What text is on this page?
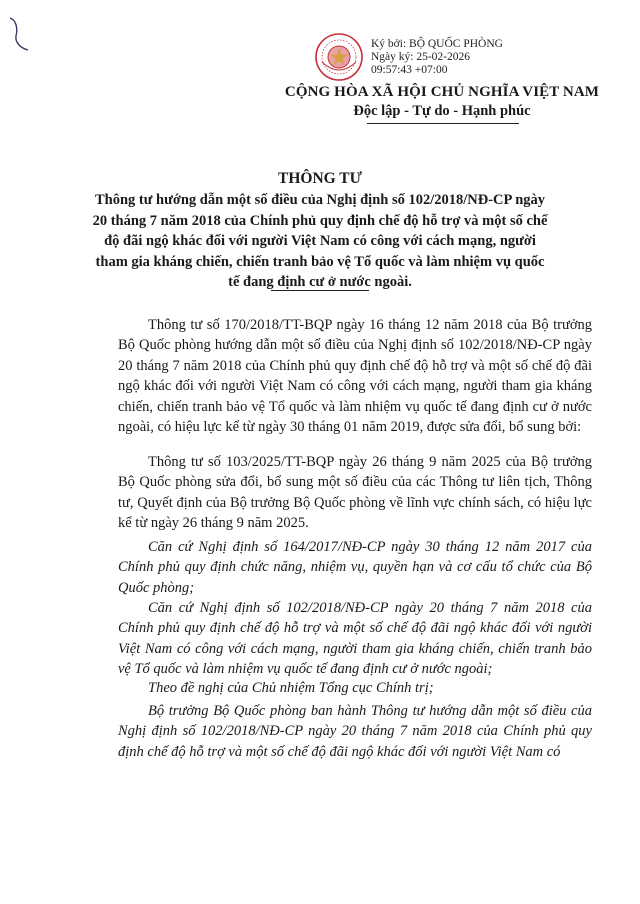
Ký bởi: BỘ QUỐC PHÒNG
Ngày ký: 25-02-2026
09:57:43 +07:00
CỘNG HÒA XÃ HỘI CHỦ NGHĨA VIỆT NAM
Độc lập - Tự do - Hạnh phúc
THÔNG TƯ
Thông tư hướng dẫn một số điều của Nghị định số 102/2018/NĐ-CP ngày 20 tháng 7 năm 2018 của Chính phủ quy định chế độ hỗ trợ và một số chế độ đãi ngộ khác đối với người Việt Nam có công với cách mạng, người tham gia kháng chiến, chiến tranh bảo vệ Tổ quốc và làm nhiệm vụ quốc tế đang định cư ở nước ngoài.
Thông tư số 170/2018/TT-BQP ngày 16 tháng 12 năm 2018 của Bộ trưởng Bộ Quốc phòng hướng dẫn một số điều của Nghị định số 102/2018/NĐ-CP ngày 20 tháng 7 năm 2018 của Chính phủ quy định chế độ hỗ trợ và một số chế độ đãi ngộ khác đối với người Việt Nam có công với cách mạng, người tham gia kháng chiến, chiến tranh bảo vệ Tổ quốc và làm nhiệm vụ quốc tế đang định cư ở nước ngoài, có hiệu lực kể từ ngày 30 tháng 01 năm 2019, được sửa đổi, bổ sung bởi:
Thông tư số 103/2025/TT-BQP ngày 26 tháng 9 năm 2025 của Bộ trưởng Bộ Quốc phòng sửa đổi, bổ sung một số điều của các Thông tư liên tịch, Thông tư, Quyết định của Bộ trưởng Bộ Quốc phòng về lĩnh vực chính sách, có hiệu lực kể từ ngày 26 tháng 9 năm 2025.
Căn cứ Nghị định số 164/2017/NĐ-CP ngày 30 tháng 12 năm 2017 của Chính phủ quy định chức năng, nhiệm vụ, quyền hạn và cơ cấu tổ chức của Bộ Quốc phòng;
Căn cứ Nghị định số 102/2018/NĐ-CP ngày 20 tháng 7 năm 2018 của Chính phủ quy định chế độ hỗ trợ và một số chế độ đãi ngộ khác đối với người Việt Nam có công với cách mạng, người tham gia kháng chiến, chiến tranh bảo vệ Tổ quốc và làm nhiệm vụ quốc tế đang định cư ở nước ngoài;
Theo đề nghị của Chủ nhiệm Tổng cục Chính trị;
Bộ trưởng Bộ Quốc phòng ban hành Thông tư hướng dẫn một số điều của Nghị định số 102/2018/NĐ-CP ngày 20 tháng 7 năm 2018 của Chính phủ quy định chế độ hỗ trợ và một số chế độ đãi ngộ khác đối với người Việt Nam có
